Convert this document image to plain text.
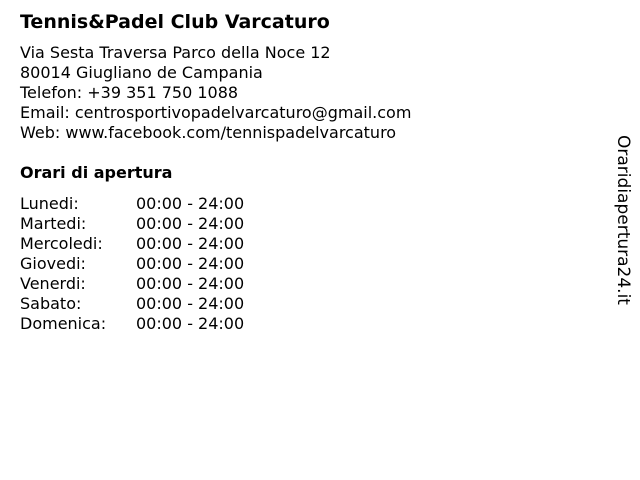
Tennis&Padel Club Varcaturo
Via Sesta Traversa Parco della Noce 12
80014 Giugliano de Campania
Telefon: +39 351 750 1088
Email: centrosportivopadelvarcaturo@gmail.com
Web: www.facebook.com/tennispadelvarcaturo
Orari di apertura
Lunedi:	00:00 - 24:00
Martedi:	00:00 - 24:00
Mercoledi: 00:00 - 24:00
Giovedi:	00:00 - 24:00
Venerdi:	00:00 - 24:00
Sabato:	00:00 - 24:00
Domenica: 00:00 - 24:00
Oraridiapertura24.it
